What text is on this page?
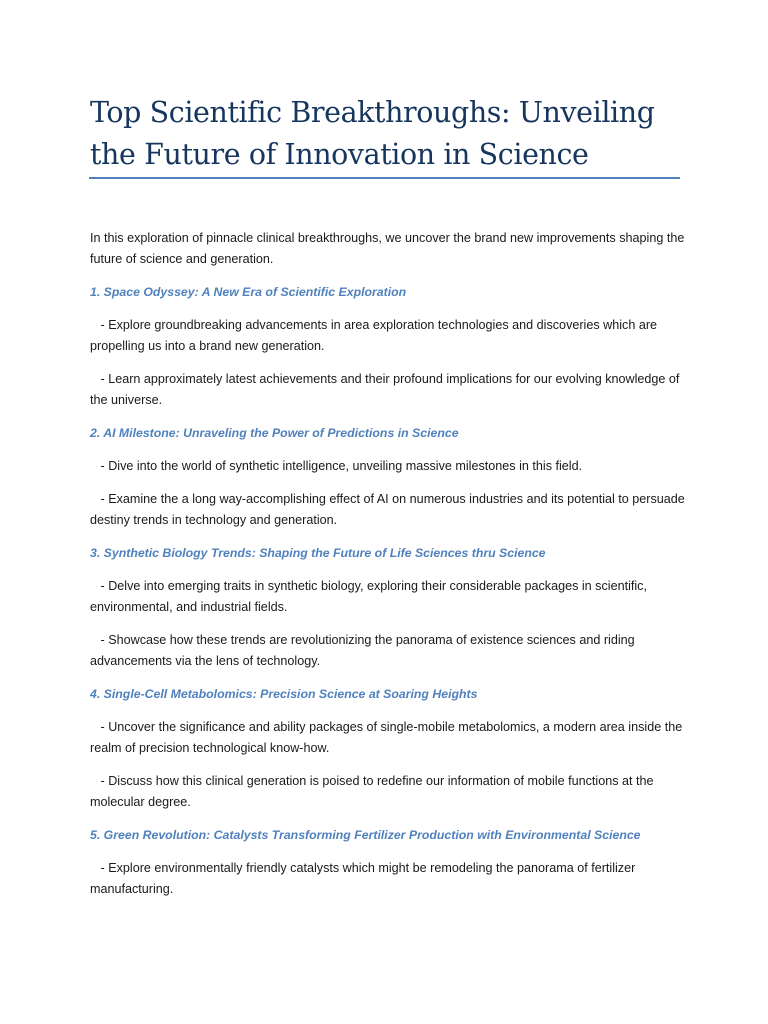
Top Scientific Breakthroughs: Unveiling the Future of Innovation in Science

In this exploration of pinnacle clinical breakthroughs, we uncover the brand new improvements shaping the future of science and generation.

1. Space Odyssey: A New Era of Scientific Exploration

- Explore groundbreaking advancements in area exploration technologies and discoveries which are propelling us into a brand new generation.

- Learn approximately latest achievements and their profound implications for our evolving knowledge of the universe.

2. AI Milestone: Unraveling the Power of Predictions in Science

- Dive into the world of synthetic intelligence, unveiling massive milestones in this field.

- Examine the a long way-accomplishing effect of AI on numerous industries and its potential to persuade destiny trends in technology and generation.

3. Synthetic Biology Trends: Shaping the Future of Life Sciences thru Science

- Delve into emerging traits in synthetic biology, exploring their considerable packages in scientific, environmental, and industrial fields.

- Showcase how these trends are revolutionizing the panorama of existence sciences and riding advancements via the lens of technology.

4. Single-Cell Metabolomics: Precision Science at Soaring Heights

- Uncover the significance and ability packages of single-mobile metabolomics, a modern area inside the realm of precision technological know-how.

- Discuss how this clinical generation is poised to redefine our information of mobile functions at the molecular degree.

5. Green Revolution: Catalysts Transforming Fertilizer Production with Environmental Science

- Explore environmentally friendly catalysts which might be remodeling the panorama of fertilizer manufacturing.
